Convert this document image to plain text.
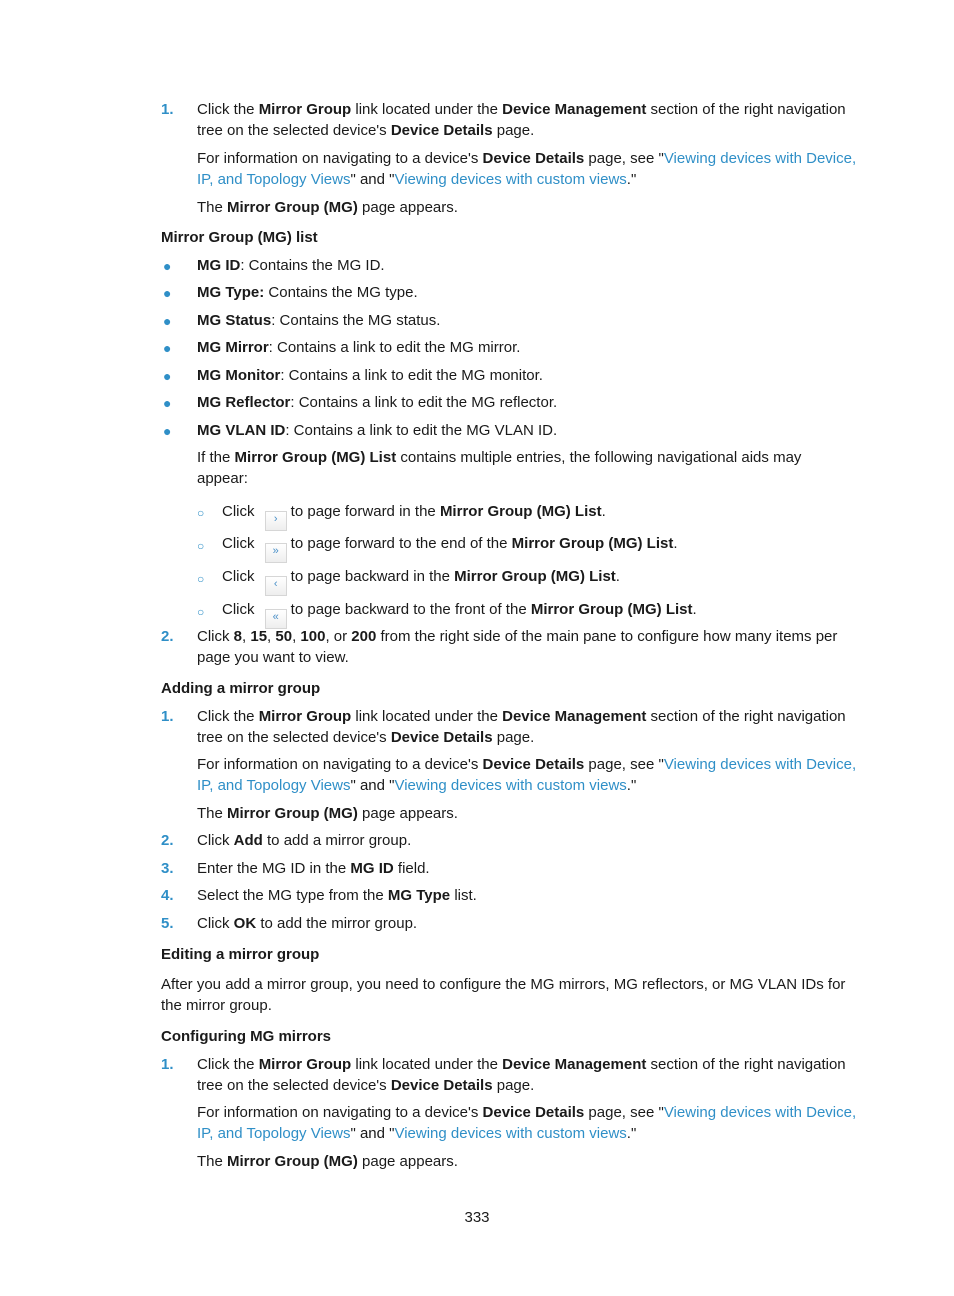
1. Click the Mirror Group link located under the Device Management section of the right navigation
tree on the selected device's Device Details page.
For information on navigating to a device's Device Details page, see "Viewing devices with Device,
IP, and Topology Views" and "Viewing devices with custom views."
The Mirror Group (MG) page appears.
Mirror Group (MG) list
● MG ID: Contains the MG ID.
● MG Type: Contains the MG type.
● MG Status: Contains the MG status.
● MG Mirror: Contains a link to edit the MG mirror.
● MG Monitor: Contains a link to edit the MG monitor.
● MG Reflector: Contains a link to edit the MG reflector.
● MG VLAN ID: Contains a link to edit the MG VLAN ID.
If the Mirror Group (MG) List contains multiple entries, the following navigational aids may
appear:
○ Click › to page forward in the Mirror Group (MG) List.
○ Click » to page forward to the end of the Mirror Group (MG) List.
○ Click ‹ to page backward in the Mirror Group (MG) List.
○ Click « to page backward to the front of the Mirror Group (MG) List.
2. Click 8, 15, 50, 100, or 200 from the right side of the main pane to configure how many items per
page you want to view.
Adding a mirror group
1. Click the Mirror Group link located under the Device Management section of the right navigation
tree on the selected device's Device Details page.
For information on navigating to a device's Device Details page, see "Viewing devices with Device,
IP, and Topology Views" and "Viewing devices with custom views."
The Mirror Group (MG) page appears.
2. Click Add to add a mirror group.
3. Enter the MG ID in the MG ID field.
4. Select the MG type from the MG Type list.
5. Click OK to add the mirror group.
Editing a mirror group
After you add a mirror group, you need to configure the MG mirrors, MG reflectors, or MG VLAN IDs for
the mirror group.
Configuring MG mirrors
1. Click the Mirror Group link located under the Device Management section of the right navigation
tree on the selected device's Device Details page.
For information on navigating to a device's Device Details page, see "Viewing devices with Device,
IP, and Topology Views" and "Viewing devices with custom views."
The Mirror Group (MG) page appears.
333
